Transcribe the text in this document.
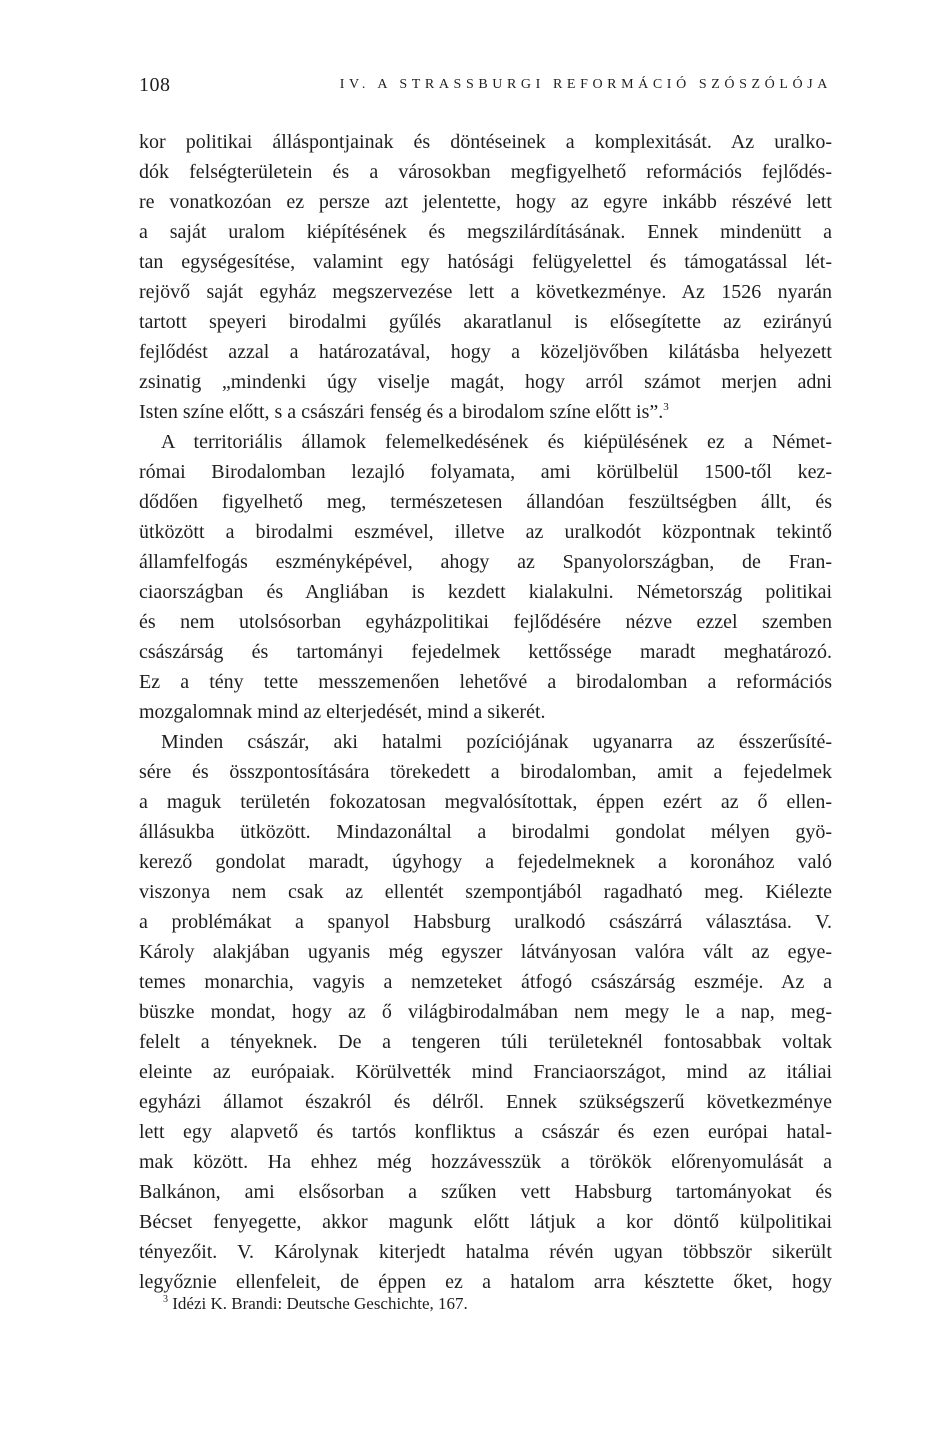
108	IV. A STRASSBURGI REFORMÁCIÓ SZÓSZÓLÓJA
kor politikai álláspontjainak és döntéseinek a komplexitását. Az uralko-
dók felségterületein és a városokban megfigyelhető reformációs fejlődés-
re vonatkozóan ez persze azt jelentette, hogy az egyre inkább részévé lett
a saját uralom kiépítésének és megszilárdításának. Ennek mindenütt a
tan egységesítése, valamint egy hatósági felügyelettel és támogatással lét-
rejövő saját egyház megszervezése lett a következménye. Az 1526 nyarán
tartott speyeri birodalmi gyűlés akaratlanul is elősegítette az ezirányú
fejlődést azzal a határozatával, hogy a közeljövőben kilátásba helyezett
zsinatig „mindenki úgy viselje magát, hogy arról számot merjen adni
Isten színe előtt, s a császári fenség és a birodalom színe előtt is”.$^3$
A territoriális államok felemelkedésének és kiépülésének ez a Német-
római Birodalomban lezajló folyamata, ami körülbelül 1500-től kez-
dődően figyelhető meg, természetesen állandóan feszültségben állt, és
ütközött a birodalmi eszmével, illetve az uralkodót központnak tekintő
államfelfogás eszményképével, ahogy az Spanyolországban, de Fran-
ciaországban és Angliában is kezdett kialakulni. Németország politikai
és nem utolsósorban egyházpolitikai fejlődésére nézve ezzel szemben
császárság és tartományi fejedelmek kettőssége maradt meghatározó.
Ez a tény tette messzemenően lehetővé a birodalomban a reformációs
mozgalomnak mind az elterjedését, mind a sikerét.
Minden császár, aki hatalmi pozíciójának ugyanarra az ésszerűsíté-
sére és összpontosítására törekedett a birodalomban, amit a fejedelmek
a maguk területén fokozatosan megvalósítottak, éppen ezért az ő ellen-
állásukba ütközött. Mindazonáltal a birodalmi gondolat mélyen gyö-
kerező gondolat maradt, úgyhogy a fejedelmeknek a koronához való
viszonya nem csak az ellentét szempontjából ragadható meg. Kiélezte
a problémákat a spanyol Habsburg uralkodó császárrá választása. V.
Károly alakjában ugyanis még egyszer látványosan valóra vált az egye-
temes monarchia, vagyis a nemzeteket átfogó császárság eszméje. Az a
büszke mondat, hogy az ő világbirodalmában nem megy le a nap, meg-
felelt a tényeknek. De a tengeren túli területeknél fontosabbak voltak
eleinte az európaiak. Körülvették mind Franciaországot, mind az itáliai
egyházi államot északról és délről. Ennek szükségszerű következménye
lett egy alapvető és tartós konfliktus a császár és ezen európai hatal-
mak között. Ha ehhez még hozzávesszük a törökök előrenyomulását a
Balkánon, ami elsősorban a szűken vett Habsburg tartományokat és
Bécset fenyegette, akkor magunk előtt látjuk a kor döntő külpolitikai
tényezőit. V. Károlynak kiterjedt hatalma révén ugyan többször sikerült
legyőznie ellenfeleit, de éppen ez a hatalom arra késztette őket, hogy
$^3$ Idézi K. Brandi: Deutsche Geschichte, 167.
